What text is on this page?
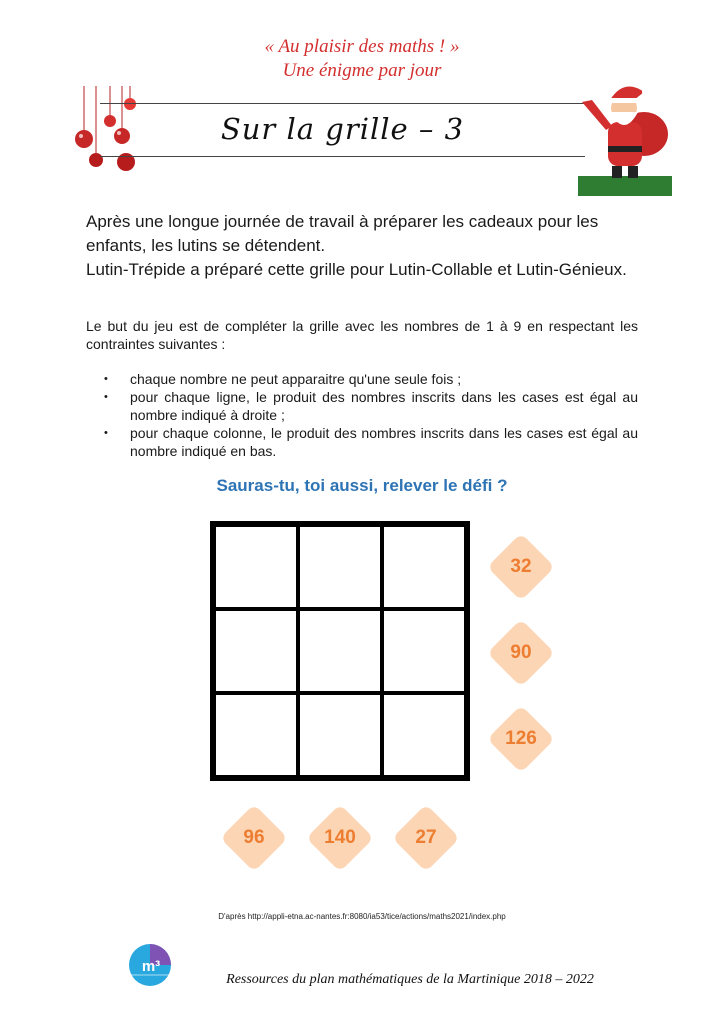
« Au plaisir des maths ! »
Une énigme par jour
Sur la grille – 3

Après une longue journée de travail à préparer les cadeaux pour les enfants, les lutins se détendent.

Lutin-Trépide a préparé cette grille pour Lutin-Collable et Lutin-Génieux.

Le but du jeu est de compléter la grille avec les nombres de 1 à 9 en respectant les contraintes suivantes :
•	chaque nombre ne peut apparaitre qu'une seule fois ;
•	pour chaque ligne, le produit des nombres inscrits dans les cases est égal au nombre indiqué à droite ;
•	pour chaque colonne, le produit des nombres inscrits dans les cases est égal au nombre indiqué en bas.
Sauras-tu, toi aussi, relever le défi ?
32
90
126
96	140	27
D'après http://appli-etna.ac-nantes.fr:8080/ia53/tice/actions/maths2021/index.php
m³
Ressources du plan mathématiques de la Martinique 2018 – 2022
